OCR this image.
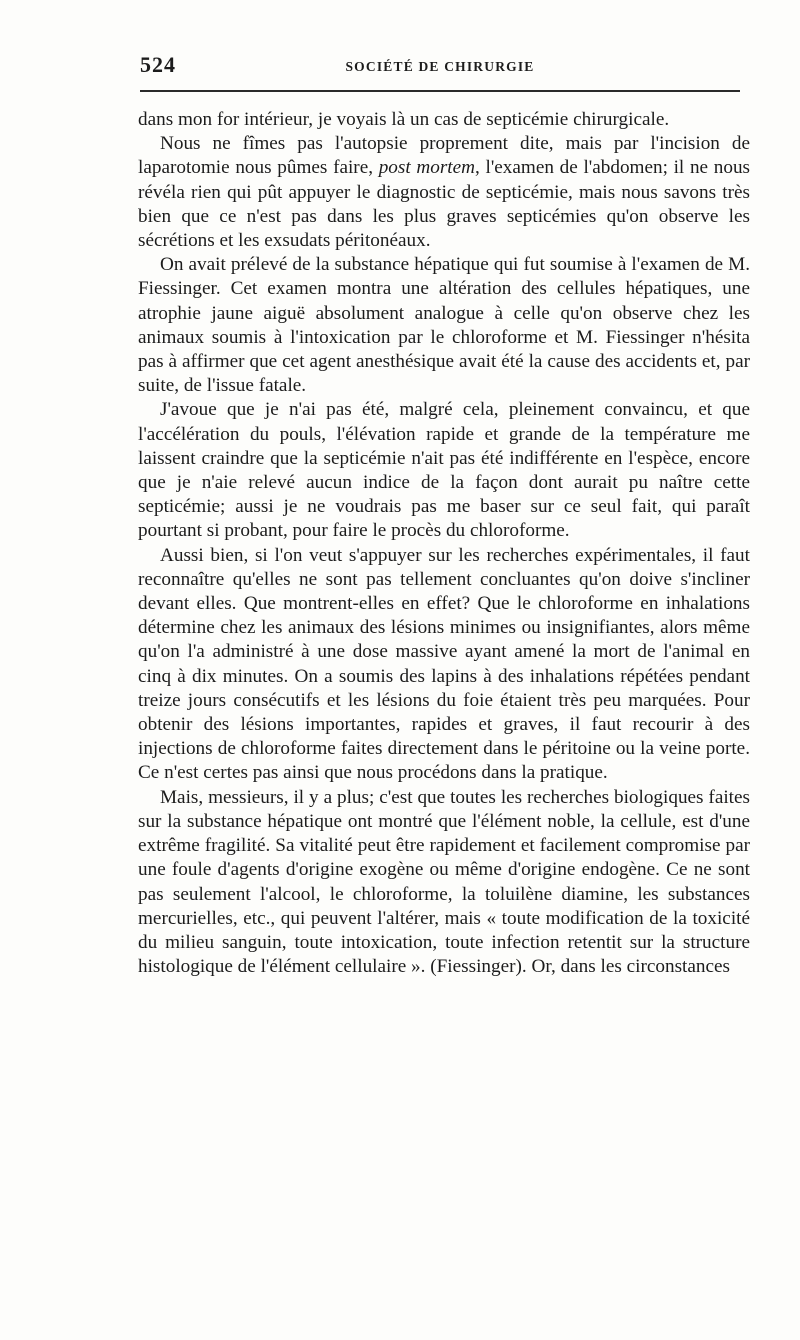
524	SOCIÉTÉ DE CHIRURGIE

dans mon for intérieur, je voyais là un cas de septicémie chirurgicale.

Nous ne fîmes pas l'autopsie proprement dite, mais par l'incision de laparotomie nous pûmes faire, post mortem, l'examen de l'abdomen; il ne nous révéla rien qui pût appuyer le diagnostic de septicémie, mais nous savons très bien que ce n'est pas dans les plus graves septicémies qu'on observe les sécrétions et les exsudats péritonéaux.

On avait prélevé de la substance hépatique qui fut soumise à l'examen de M. Fiessinger. Cet examen montra une altération des cellules hépatiques, une atrophie jaune aiguë absolument analogue à celle qu'on observe chez les animaux soumis à l'intoxication par le chloroforme et M. Fiessinger n'hésita pas à affirmer que cet agent anesthésique avait été la cause des accidents et, par suite, de l'issue fatale.

J'avoue que je n'ai pas été, malgré cela, pleinement convaincu, et que l'accélération du pouls, l'élévation rapide et grande de la température me laissent craindre que la septicémie n'ait pas été indifférente en l'espèce, encore que je n'aie relevé aucun indice de la façon dont aurait pu naître cette septicémie; aussi je ne voudrais pas me baser sur ce seul fait, qui paraît pourtant si probant, pour faire le procès du chloroforme.

Aussi bien, si l'on veut s'appuyer sur les recherches expérimentales, il faut reconnaître qu'elles ne sont pas tellement concluantes qu'on doive s'incliner devant elles. Que montrent-elles en effet? Que le chloroforme en inhalations détermine chez les animaux des lésions minimes ou insignifiantes, alors même qu'on l'a administré à une dose massive ayant amené la mort de l'animal en cinq à dix minutes. On a soumis des lapins à des inhalations répétées pendant treize jours consécutifs et les lésions du foie étaient très peu marquées. Pour obtenir des lésions importantes, rapides et graves, il faut recourir à des injections de chloroforme faites directement dans le péritoine ou la veine porte. Ce n'est certes pas ainsi que nous procédons dans la pratique.

Mais, messieurs, il y a plus; c'est que toutes les recherches biologiques faites sur la substance hépatique ont montré que l'élément noble, la cellule, est d'une extrême fragilité. Sa vitalité peut être rapidement et facilement compromise par une foule d'agents d'origine exogène ou même d'origine endogène. Ce ne sont pas seulement l'alcool, le chloroforme, la toluilène diamine, les substances mercurielles, etc., qui peuvent l'altérer, mais « toute modification de la toxicité du milieu sanguin, toute intoxication, toute infection retentit sur la structure histologique de l'élément cellulaire ». (Fiessinger). Or, dans les circonstances
